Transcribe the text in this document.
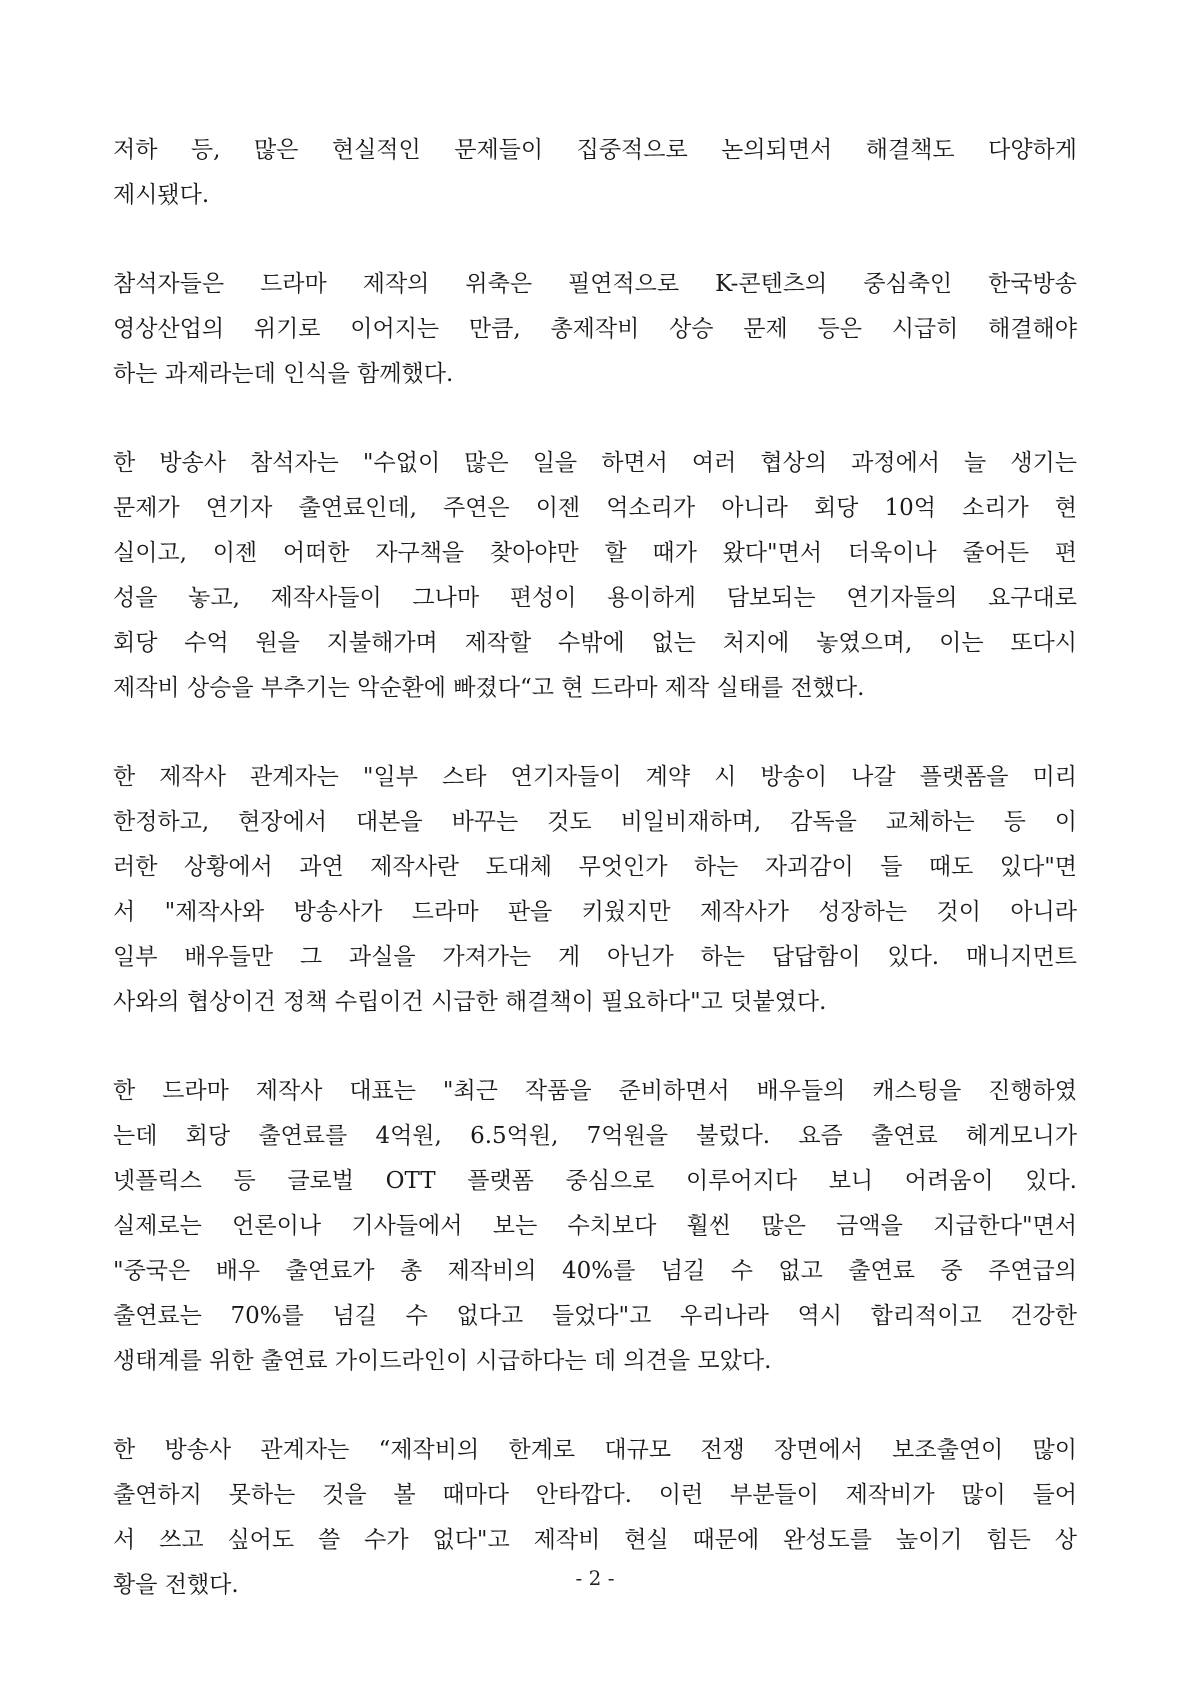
저하 등, 많은 현실적인 문제들이 집중적으로 논의되면서 해결책도 다양하게
제시됐다.
참석자들은 드라마 제작의 위축은 필연적으로 K-콘텐츠의 중심축인 한국방송
영상산업의 위기로 이어지는 만큼, 총제작비 상승 문제 등은 시급히 해결해야
하는 과제라는데 인식을 함께했다.
한 방송사 참석자는 "수없이 많은 일을 하면서 여러 협상의 과정에서 늘 생기는
문제가 연기자 출연료인데, 주연은 이젠 억소리가 아니라 회당 10억 소리가 현
실이고, 이젠 어떠한 자구책을 찾아야만 할 때가 왔다"면서 더욱이나 줄어든 편
성을 놓고, 제작사들이 그나마 편성이 용이하게 담보되는 연기자들의 요구대로
회당 수억 원을 지불해가며 제작할 수밖에 없는 처지에 놓였으며, 이는 또다시
제작비 상승을 부추기는 악순환에 빠졌다“고 현 드라마 제작 실태를 전했다.
한 제작사 관계자는 "일부 스타 연기자들이 계약 시 방송이 나갈 플랫폼을 미리
한정하고, 현장에서 대본을 바꾸는 것도 비일비재하며, 감독을 교체하는 등 이
러한 상황에서 과연 제작사란 도대체 무엇인가 하는 자괴감이 들 때도 있다"면
서 "제작사와 방송사가 드라마 판을 키웠지만 제작사가 성장하는 것이 아니라
일부 배우들만 그 과실을 가져가는 게 아닌가 하는 답답함이 있다. 매니지먼트
사와의 협상이건 정책 수립이건 시급한 해결책이 필요하다"고 덧붙였다.
한 드라마 제작사 대표는 "최근 작품을 준비하면서 배우들의 캐스팅을 진행하였
는데 회당 출연료를 4억원, 6.5억원, 7억원을 불렀다. 요즘 출연료 헤게모니가
넷플릭스 등 글로벌 OTT 플랫폼 중심으로 이루어지다 보니 어려움이 있다.
실제로는 언론이나 기사들에서 보는 수치보다 훨씬 많은 금액을 지급한다"면서
"중국은 배우 출연료가 총 제작비의 40%를 넘길 수 없고 출연료 중 주연급의
출연료는 70%를 넘길 수 없다고 들었다"고 우리나라 역시 합리적이고 건강한
생태계를 위한 출연료 가이드라인이 시급하다는 데 의견을 모았다.
한 방송사 관계자는 “제작비의 한계로 대규모 전쟁 장면에서 보조출연이 많이
출연하지 못하는 것을 볼 때마다 안타깝다. 이런 부분들이 제작비가 많이 들어
서 쓰고 싶어도 쓸 수가 없다"고 제작비 현실 때문에 완성도를 높이기 힘든 상
황을 전했다.	- 2 -
